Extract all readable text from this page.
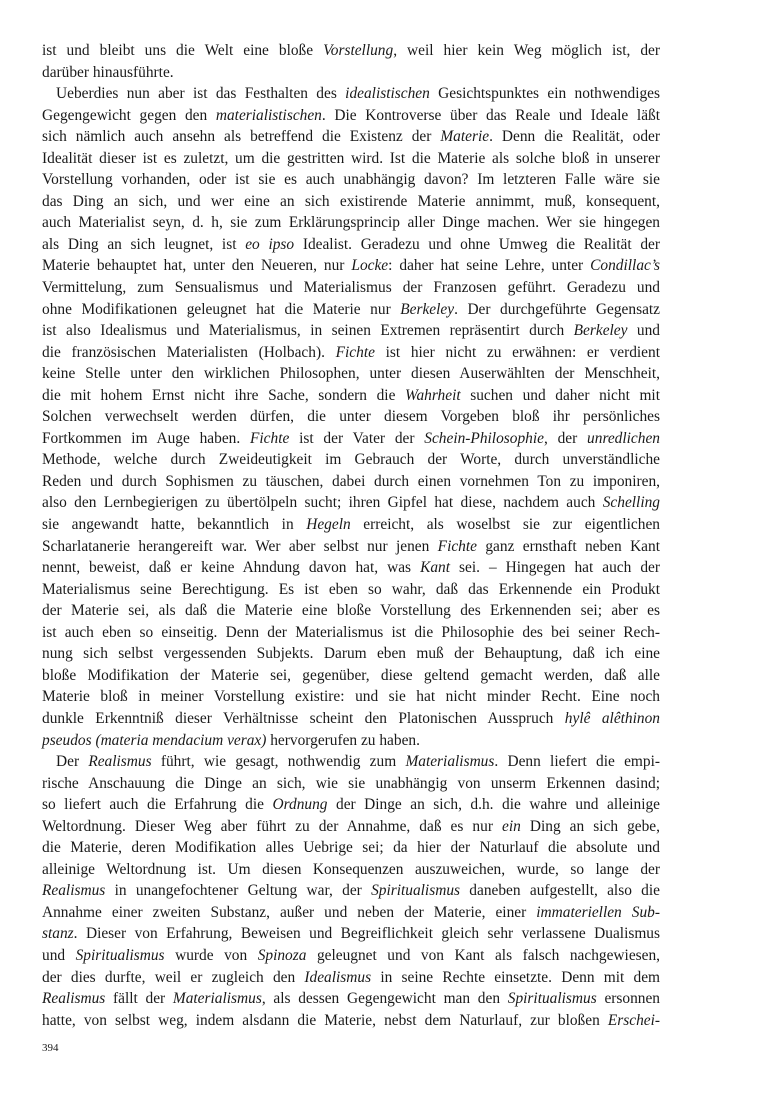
ist und bleibt uns die Welt eine bloße Vorstellung, weil hier kein Weg möglich ist, der
darüber hinausführte.
Ueberdies nun aber ist das Festhalten des idealistischen Gesichtspunktes ein nothwendiges
Gegengewicht gegen den materialistischen. Die Kontroverse über das Reale und Ideale läßt
sich nämlich auch ansehn als betreffend die Existenz der Materie. Denn die Realität, oder
Idealität dieser ist es zuletzt, um die gestritten wird. Ist die Materie als solche bloß in unserer
Vorstellung vorhanden, oder ist sie es auch unabhängig davon? Im letzteren Falle wäre sie
das Ding an sich, und wer eine an sich existirende Materie annimmt, muß, konsequent,
auch Materialist seyn, d. h, sie zum Erklärungsprincip aller Dinge machen. Wer sie hingegen
als Ding an sich leugnet, ist eo ipso Idealist. Geradezu und ohne Umweg die Realität der
Materie behauptet hat, unter den Neueren, nur Locke: daher hat seine Lehre, unter Condillac’s
Vermittelung, zum Sensualismus und Materialismus der Franzosen geführt. Geradezu und
ohne Modifikationen geleugnet hat die Materie nur Berkeley. Der durchgeführte Gegensatz
ist also Idealismus und Materialismus, in seinen Extremen repräsentirt durch Berkeley und
die französischen Materialisten (Holbach). Fichte ist hier nicht zu erwähnen: er verdient
keine Stelle unter den wirklichen Philosophen, unter diesen Auserwählten der Menschheit,
die mit hohem Ernst nicht ihre Sache, sondern die Wahrheit suchen und daher nicht mit
Solchen verwechselt werden dürfen, die unter diesem Vorgeben bloß ihr persönliches
Fortkommen im Auge haben. Fichte ist der Vater der Schein-Philosophie, der unredlichen
Methode, welche durch Zweideutigkeit im Gebrauch der Worte, durch unverständliche
Reden und durch Sophismen zu täuschen, dabei durch einen vornehmen Ton zu imponiren,
also den Lernbegierigen zu übertölpeln sucht; ihren Gipfel hat diese, nachdem auch Schelling
sie angewandt hatte, bekanntlich in Hegeln erreicht, als woselbst sie zur eigentlichen
Scharlatanerie herangereift war. Wer aber selbst nur jenen Fichte ganz ernsthaft neben Kant
nennt, beweist, daß er keine Ahndung davon hat, was Kant sei. – Hingegen hat auch der
Materialismus seine Berechtigung. Es ist eben so wahr, daß das Erkennende ein Produkt
der Materie sei, als daß die Materie eine bloße Vorstellung des Erkennenden sei; aber es
ist auch eben so einseitig. Denn der Materialismus ist die Philosophie des bei seiner Rech-
nung sich selbst vergessenden Subjekts. Darum eben muß der Behauptung, daß ich eine
bloße Modifikation der Materie sei, gegenüber, diese geltend gemacht werden, daß alle
Materie bloß in meiner Vorstellung existire: und sie hat nicht minder Recht. Eine noch
dunkle Erkenntniß dieser Verhältnisse scheint den Platonischen Ausspruch hylê alêthinon
pseudos (materia mendacium verax) hervorgerufen zu haben.
Der Realismus führt, wie gesagt, nothwendig zum Materialismus. Denn liefert die empi-
rische Anschauung die Dinge an sich, wie sie unabhängig von unserm Erkennen dasind;
so liefert auch die Erfahrung die Ordnung der Dinge an sich, d.h. die wahre und alleinige
Weltordnung. Dieser Weg aber führt zu der Annahme, daß es nur ein Ding an sich gebe,
die Materie, deren Modifikation alles Uebrige sei; da hier der Naturlauf die absolute und
alleinige Weltordnung ist. Um diesen Konsequenzen auszuweichen, wurde, so lange der
Realismus in unangefochtener Geltung war, der Spiritualismus daneben aufgestellt, also die
Annahme einer zweiten Substanz, außer und neben der Materie, einer immateriellen Sub-
stanz. Dieser von Erfahrung, Beweisen und Begreiflichkeit gleich sehr verlassene Dualismus
und Spiritualismus wurde von Spinoza geleugnet und von Kant als falsch nachgewiesen,
der dies durfte, weil er zugleich den Idealismus in seine Rechte einsetzte. Denn mit dem
Realismus fällt der Materialismus, als dessen Gegengewicht man den Spiritualismus ersonnen
hatte, von selbst weg, indem alsdann die Materie, nebst dem Naturlauf, zur bloßen Erschei-
394
